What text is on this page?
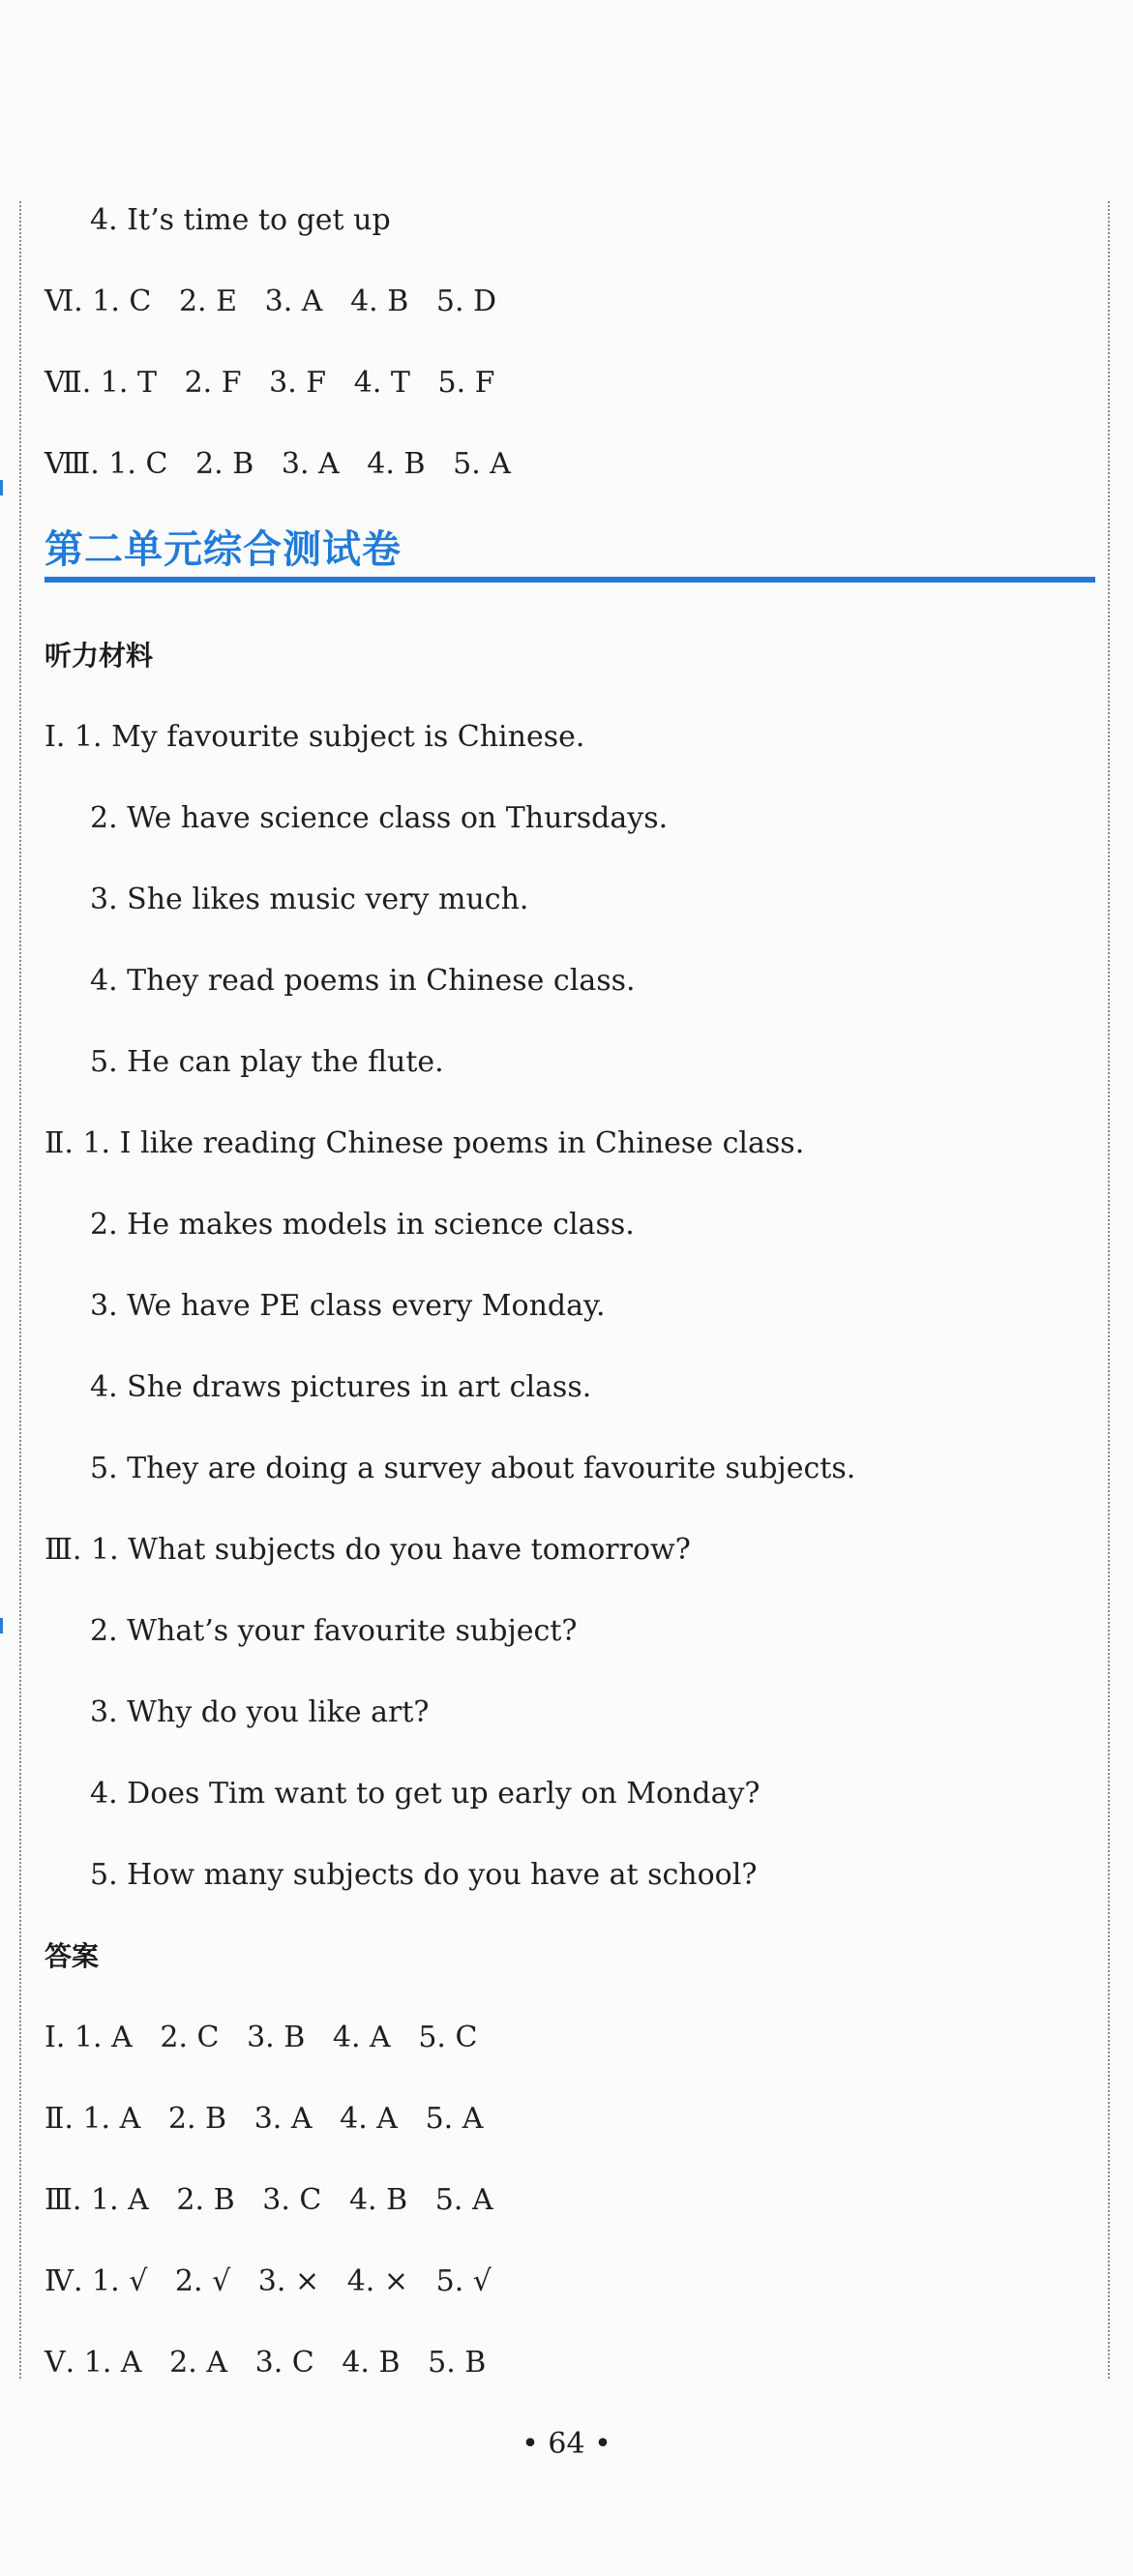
4. It’s time to get up
Ⅵ. 1. C   2. E   3. A   4. B   5. D
Ⅶ. 1. T   2. F   3. F   4. T   5. F
Ⅷ. 1. C   2. B   3. A   4. B   5. A
第二单元综合测试卷
听力材料
Ⅰ. 1. My favourite subject is Chinese.
2. We have science class on Thursdays.
3. She likes music very much.
4. They read poems in Chinese class.
5. He can play the flute.
Ⅱ. 1. I like reading Chinese poems in Chinese class.
2. He makes models in science class.
3. We have PE class every Monday.
4. She draws pictures in art class.
5. They are doing a survey about favourite subjects.
Ⅲ. 1. What subjects do you have tomorrow?
2. What’s your favourite subject?
3. Why do you like art?
4. Does Tim want to get up early on Monday?
5. How many subjects do you have at school?
答案
Ⅰ. 1. A   2. C   3. B   4. A   5. C
Ⅱ. 1. A   2. B   3. A   4. A   5. A
Ⅲ. 1. A   2. B   3. C   4. B   5. A
Ⅳ. 1. √   2. √   3. ×   4. ×   5. √
Ⅴ. 1. A   2. A   3. C   4. B   5. B
• 64 •
